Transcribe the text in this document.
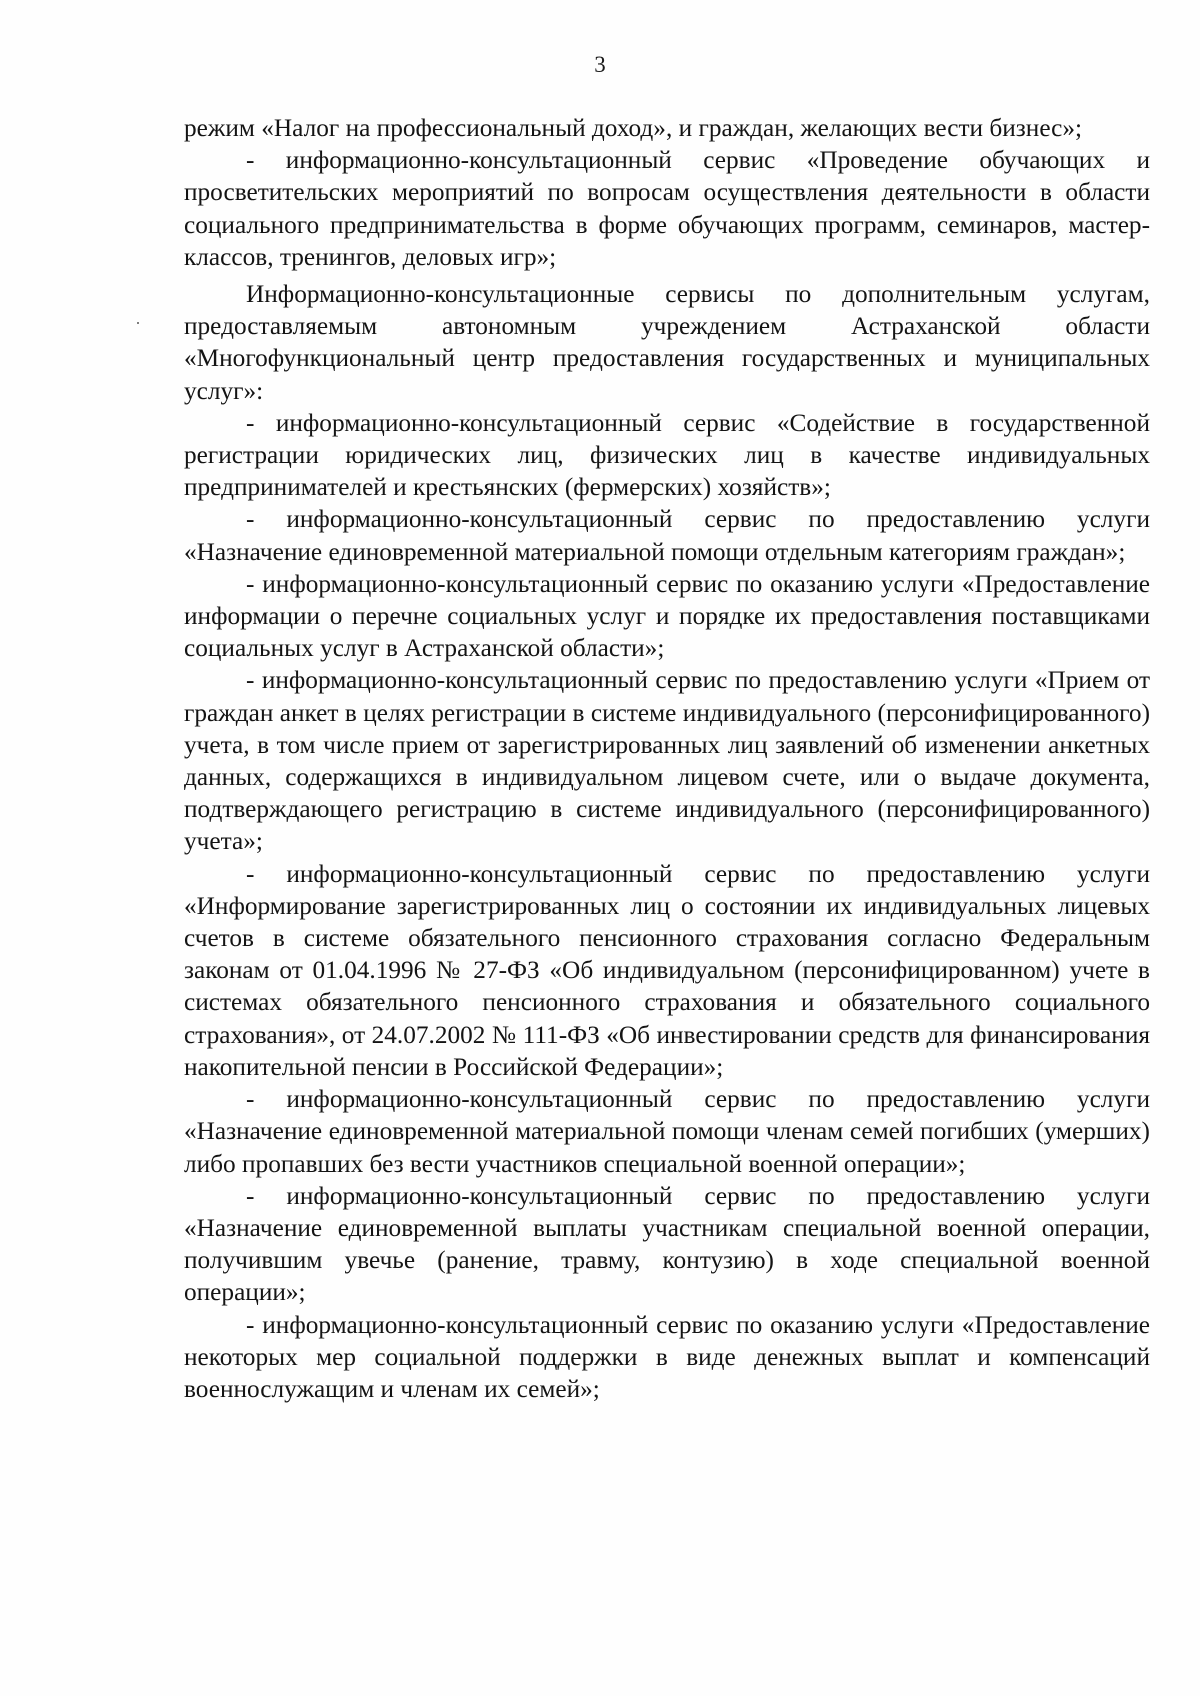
3

режим «Налог на профессиональный доход», и граждан, желающих вести бизнес»;

- информационно-консультационный сервис «Проведение обучающих и просветительских мероприятий по вопросам осуществления деятельности в области социального предпринимательства в форме обучающих программ, семинаров, мастер-классов, тренингов, деловых игр»;

Информационно-консультационные сервисы по дополнительным услугам, предоставляемым автономным учреждением Астраханской области «Многофункциональный центр предоставления государственных и муниципальных услуг»:

- информационно-консультационный сервис «Содействие в государственной регистрации юридических лиц, физических лиц в качестве индивидуальных предпринимателей и крестьянских (фермерских) хозяйств»;

- информационно-консультационный сервис по предоставлению услуги «Назначение единовременной материальной помощи отдельным категориям граждан»;

- информационно-консультационный сервис по оказанию услуги «Предоставление информации о перечне социальных услуг и порядке их предоставления поставщиками социальных услуг в Астраханской области»;

- информационно-консультационный сервис по предоставлению услуги «Прием от граждан анкет в целях регистрации в системе индивидуального (персонифицированного) учета, в том числе прием от зарегистрированных лиц заявлений об изменении анкетных данных, содержащихся в индивидуальном лицевом счете, или о выдаче документа, подтверждающего регистрацию в системе индивидуального (персонифицированного) учета»;

- информационно-консультационный сервис по предоставлению услуги «Информирование зарегистрированных лиц о состоянии их индивидуальных лицевых счетов в системе обязательного пенсионного страхования согласно Федеральным законам от 01.04.1996 № 27-ФЗ «Об индивидуальном (персонифицированном) учете в системах обязательного пенсионного страхования и обязательного социального страхования», от 24.07.2002 № 111-ФЗ «Об инвестировании средств для финансирования накопительной пенсии в Российской Федерации»;

- информационно-консультационный сервис по предоставлению услуги «Назначение единовременной материальной помощи членам семей погибших (умерших) либо пропавших без вести участников специальной военной операции»;

- информационно-консультационный сервис по предоставлению услуги «Назначение единовременной выплаты участникам специальной военной операции, получившим увечье (ранение, травму, контузию) в ходе специальной военной операции»;

- информационно-консультационный сервис по оказанию услуги «Предоставление некоторых мер социальной поддержки в виде денежных выплат и компенсаций военнослужащим и членам их семей»;
